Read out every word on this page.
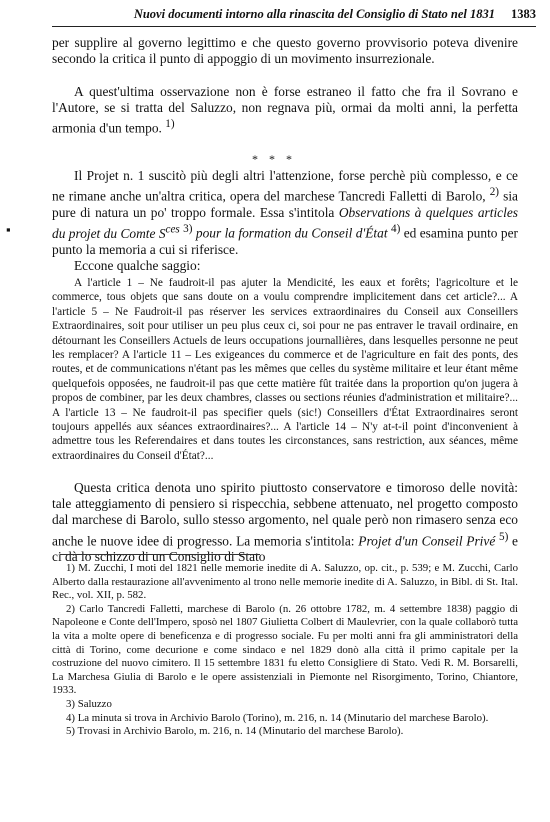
Nuovi documenti intorno alla rinascita del Consiglio di Stato nel 1831 1383
▪

per supplire al governo legittimo e che questo governo provvisorio poteva divenire secondo la critica il punto di appoggio di un movimento insurrezionale.

A quest'ultima osservazione non è forse estraneo il fatto che fra il Sovrano e l'Autore, se si tratta del Saluzzo, non regnava più, ormai da molti anni, la perfetta armonia d'un tempo. $^{1)}$

* * *

Il Projet n. 1 suscitò più degli altri l'attenzione, forse perchè più complesso, e ce ne rimane anche un'altra critica, opera del marchese Tancredi Falletti di Barolo, $^{2)}$ sia pure di natura un po' troppo formale. Essa s'intitola Observations à quelques articles du projet du Comte $S^{ces}$ $^{3)}$ pour la formation du Conseil d'État $^{4)}$ ed esamina punto per punto la memoria a cui si riferisce.

Eccone qualche saggio:

A l'article 1 – Ne faudroit-il pas ajuter la Mendicité, les eaux et forêts; l'agricolture et le commerce, tous objets que sans doute on a voulu comprendre implicitement dans cet article?... A l'article 5 – Ne Faudroit-il pas réserver les services extraordinaires du Conseil aux Conseillers Extraordinaires, soit pour utiliser un peu plus ceux ci, soi pour ne pas entraver le travail ordinaire, en détournant les Conseillers Actuels de leurs occupations journallières, dans lesquelles personne ne peut les remplacer? A l'article 11 – Les exigeances du commerce et de l'agriculture en fait des ponts, des routes, et de communications n'étant pas les mêmes que celles du système militaire et leur étant même quelquefois opposées, ne faudroit-il pas que cette matière fût traitée dans la proportion qu'on jugera à propos de combiner, par les deux chambres, classes ou sections réunies d'administration et militaire?... A l'article 13 – Ne faudroit-il pas specifier quels (sic!) Conseillers d'État Extraordinaires seront toujours appellés aux séances extraordinaires?... A l'article 14 – N'y at-t-il point d'inconvenient à admettre tous les Referendaires et dans toutes les circonstances, sans restriction, aux séances, même extraordinaires du Conseil d'État?...

Questa critica denota uno spirito piuttosto conservatore e timoroso delle novità: tale atteggiamento di pensiero si rispecchia, sebbene attenuato, nel progetto composto dal marchese di Barolo, sullo stesso argomento, nel quale però non rimasero senza eco anche le nuove idee di progresso. La memoria s'intitola: Projet d'un Conseil Privé $^{5)}$ e ci dà lo schizzo di un Consiglio di Stato

1) M. Zucchi, I moti del 1821 nelle memorie inedite di A. Saluzzo, op. cit., p. 539; e M. Zucchi, Carlo Alberto dalla restaurazione all'avvenimento al trono nelle memorie inedite di A. Saluzzo, in Bibl. di St. Ital. Rec., vol. XII, p. 582.

2) Carlo Tancredi Falletti, marchese di Barolo (n. 26 ottobre 1782, m. 4 settembre 1838) paggio di Napoleone e Conte dell'Impero, sposò nel 1807 Giulietta Colbert di Maulevrier, con la quale collaborò tutta la vita a molte opere di beneficenza e di progresso sociale. Fu per molti anni fra gli amministratori della città di Torino, come decurione e come sindaco e nel 1829 donò alla città il primo capitale per la costruzione del nuovo cimitero. Il 15 settembre 1831 fu eletto Consigliere di Stato. Vedi R. M. Borsarelli, La Marchesa Giulia di Barolo e le opere assistenziali in Piemonte nel Risorgimento, Torino, Chiantore, 1933.

3) Saluzzo

4) La minuta si trova in Archivio Barolo (Torino), m. 216, n. 14 (Minutario del marchese Barolo).

5) Trovasi in Archivio Barolo, m. 216, n. 14 (Minutario del marchese Barolo).
